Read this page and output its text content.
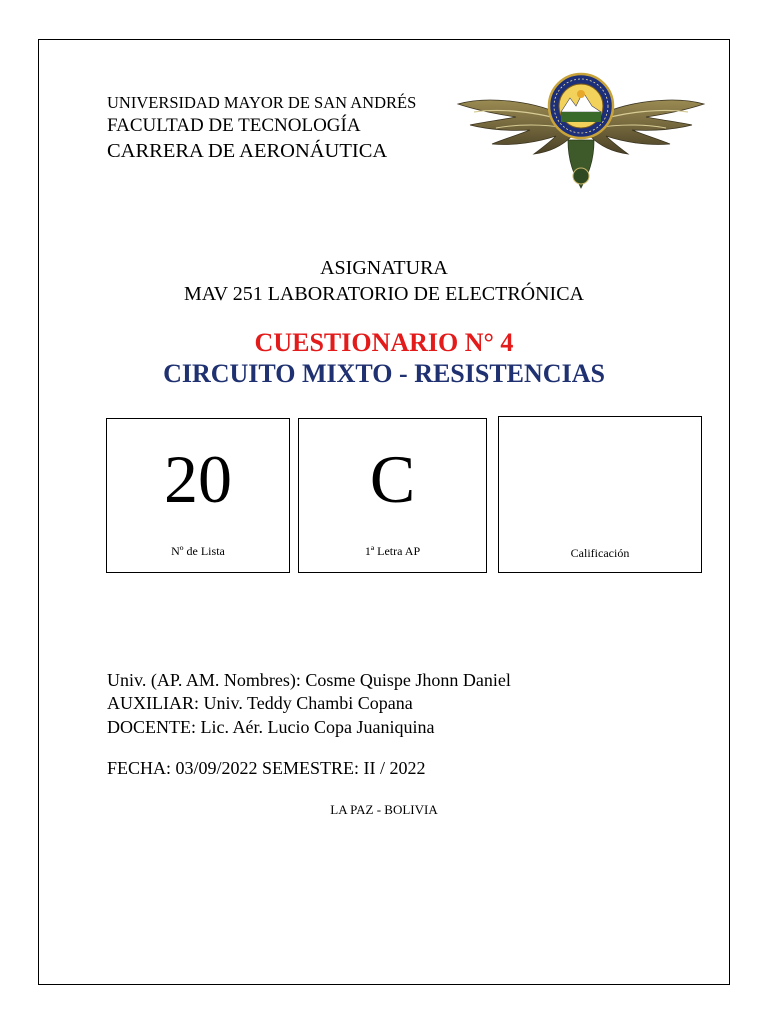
UNIVERSIDAD MAYOR DE SAN ANDRÉS
FACULTAD DE TECNOLOGÍA
CARRERA DE AERONÁUTICA
ASIGNATURA
MAV 251 LABORATORIO DE ELECTRÓNICA
CUESTIONARIO N° 4
CIRCUITO MIXTO - RESISTENCIAS
20
Nº de Lista
C
1ª Letra AP	Calificación
Univ. (AP. AM. Nombres): Cosme Quispe Jhonn Daniel
AUXILIAR: Univ. Teddy Chambi Copana
DOCENTE: Lic. Aér. Lucio Copa Juaniquina
FECHA: 03/09/2022 SEMESTRE: II / 2022
LA PAZ - BOLIVIA
